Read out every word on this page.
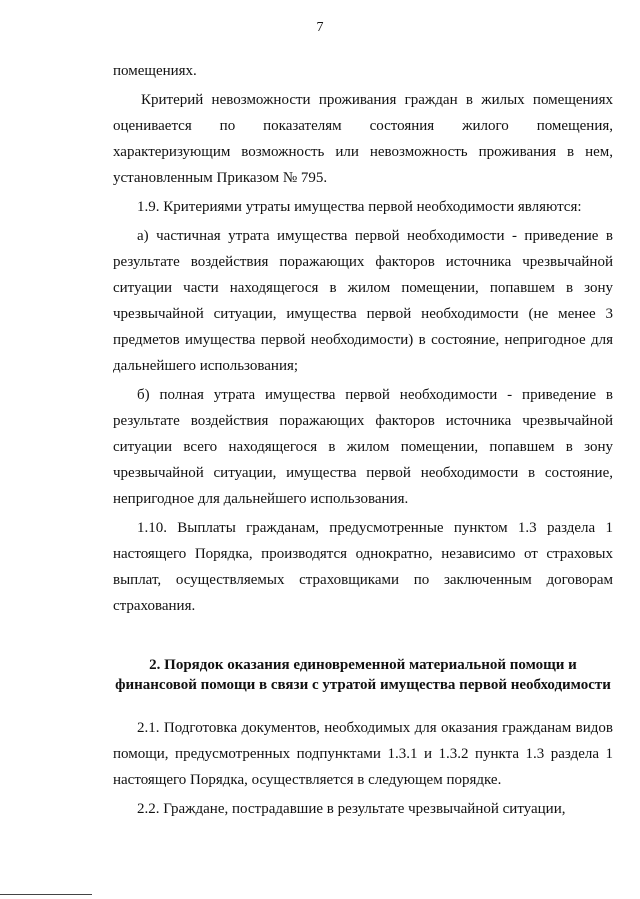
7

помещениях.

Критерий невозможности проживания граждан в жилых помещениях оценивается по показателям состояния жилого помещения, характеризующим возможность или невозможность проживания в нем, установленным Приказом № 795.

1.9. Критериями утраты имущества первой необходимости являются:

а) частичная утрата имущества первой необходимости - приведение в результате воздействия поражающих факторов источника чрезвычайной ситуации части находящегося в жилом помещении, попавшем в зону чрезвычайной ситуации, имущества первой необходимости (не менее 3 предметов имущества первой необходимости) в состояние, непригодное для дальнейшего использования;

б) полная утрата имущества первой необходимости - приведение в результате воздействия поражающих факторов источника чрезвычайной ситуации всего находящегося в жилом помещении, попавшем в зону чрезвычайной ситуации, имущества первой необходимости в состояние, непригодное для дальнейшего использования.

1.10. Выплаты гражданам, предусмотренные пунктом 1.3 раздела 1 настоящего Порядка, производятся однократно, независимо от страховых выплат, осуществляемых страховщиками по заключенным договорам страхования.

2. Порядок оказания единовременной материальной помощи и финансовой помощи в связи с утратой имущества первой необходимости

2.1. Подготовка документов, необходимых для оказания гражданам видов помощи, предусмотренных подпунктами 1.3.1 и 1.3.2 пункта 1.3 раздела 1 настоящего Порядка, осуществляется в следующем порядке.

2.2. Граждане, пострадавшие в результате чрезвычайной ситуации,
